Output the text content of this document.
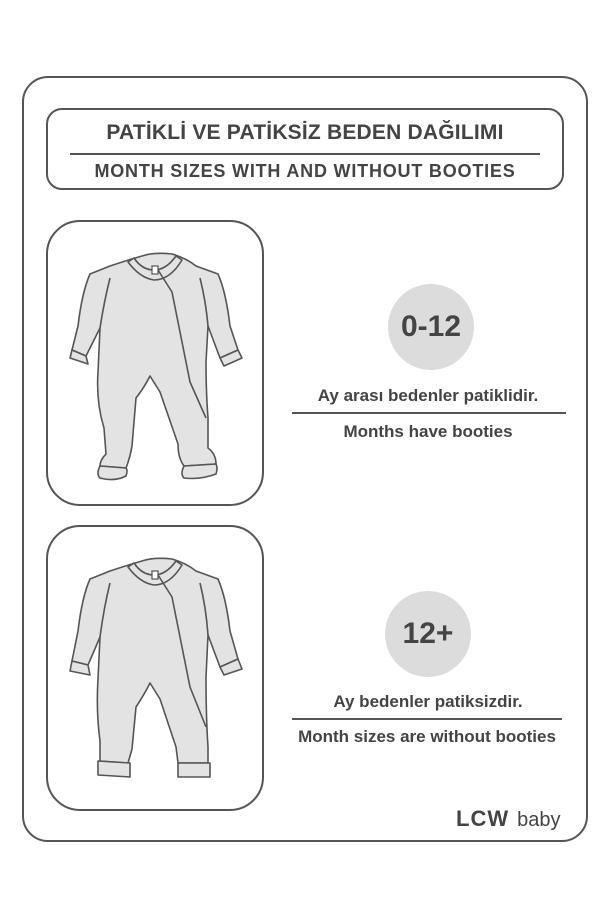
PATİKLİ VE PATİKSİZ BEDEN DAĞILIMI
MONTH SIZES WITH AND WITHOUT BOOTIES
0-12
Ay arası bedenler patiklidir.
Months have booties
12+
Ay bedenler patiksizdir.
Month sizes are without booties
LCW baby
